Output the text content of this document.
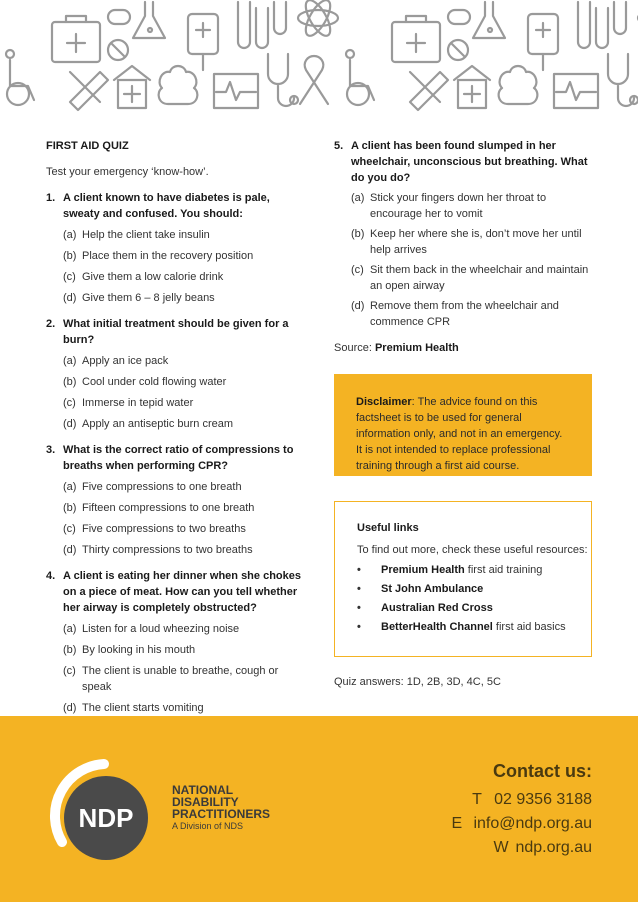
FIRST AID QUIZ
Test your emergency ‘know-how’.
1. A client known to have diabetes is pale, sweaty and confused. You should:
(a) Help the client take insulin
(b) Place them in the recovery position
(c) Give them a low calorie drink
(d) Give them 6 – 8 jelly beans
2. What initial treatment should be given for a burn?
(a) Apply an ice pack
(b) Cool under cold flowing water
(c) Immerse in tepid water
(d) Apply an antiseptic burn cream
3. What is the correct ratio of compressions to breaths when performing CPR?
(a) Five compressions to one breath
(b) Fifteen compressions to one breath
(c) Five compressions to two breaths
(d) Thirty compressions to two breaths
4. A client is eating her dinner when she chokes on a piece of meat. How can you tell whether her airway is completely obstructed?
(a) Listen for a loud wheezing noise
(b) By looking in his mouth
(c) The client is unable to breathe, cough or speak
(d) The client starts vomiting
5. A client has been found slumped in her wheelchair, unconscious but breathing. What do you do?
(a) Stick your fingers down her throat to encourage her to vomit
(b) Keep her where she is, don’t move her until help arrives
(c) Sit them back in the wheelchair and maintain an open airway
(d) Remove them from the wheelchair and commence CPR
Source: Premium Health

Disclaimer: The advice found on this factsheet is to be used for general information only, and not in an emergency. It is not intended to replace professional training through a first aid course.

Useful links
To find out more, check these useful resources:
• Premium Health first aid training
• St John Ambulance
• Australian Red Cross
• BetterHealth Channel first aid basics
Quiz answers: 1D, 2B, 3D, 4C, 5C
NDP
NATIONAL
DISABILITY
PRACTITIONERS
A Division of NDS
Contact us:
T 02 9356 3188
E info@ndp.org.au
W ndp.org.au
